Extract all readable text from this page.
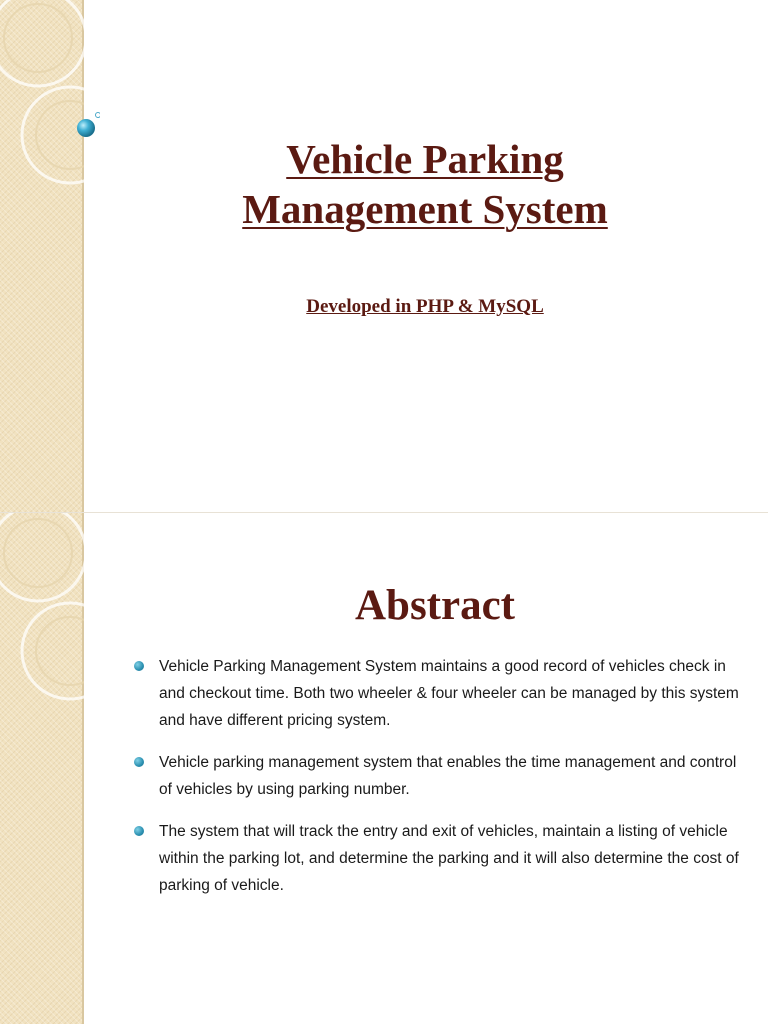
Vehicle Parking
Management System

Developed in PHP & MySQL

Abstract
Vehicle Parking Management System maintains a good record of vehicles check in and checkout time. Both two wheeler & four wheeler can be managed by this system and have different pricing system.
Vehicle parking management system that enables the time management and control of vehicles by using parking number.
The system that will track the entry and exit of vehicles, maintain a listing of vehicle within the parking lot, and determine the parking and it will also determine the cost of parking of vehicle.
